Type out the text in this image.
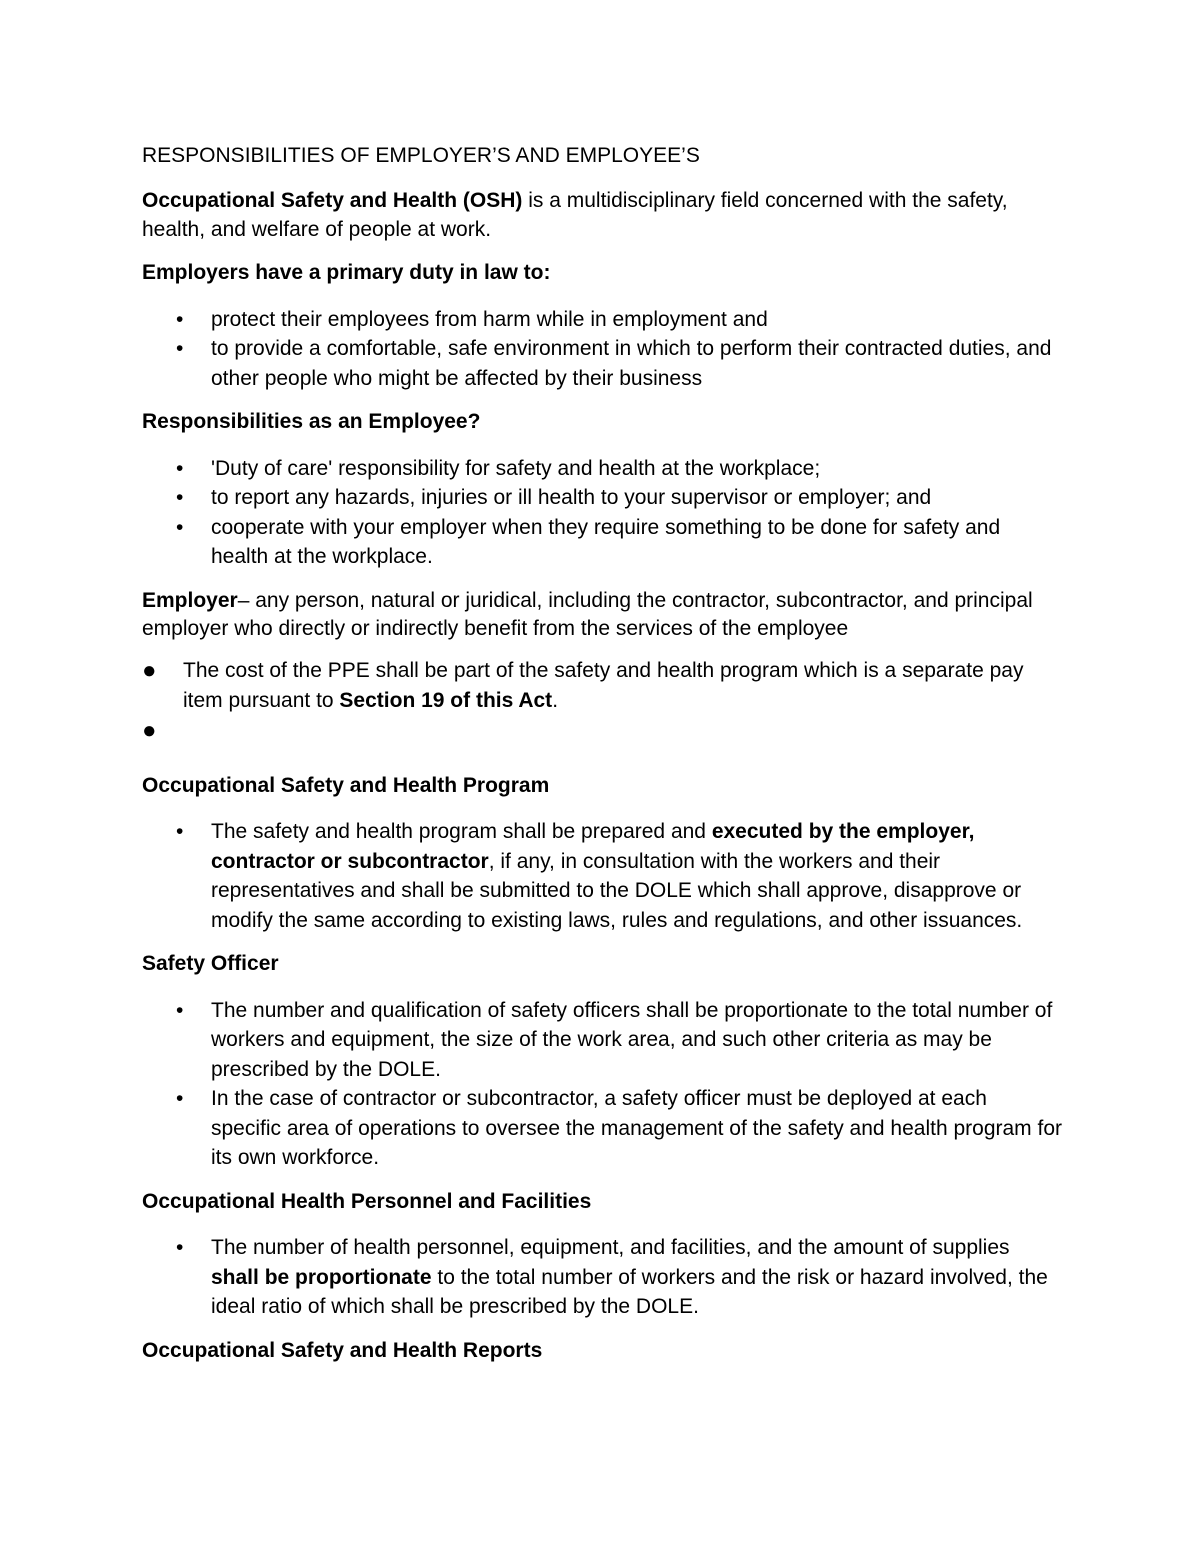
RESPONSIBILITIES OF EMPLOYER’S AND EMPLOYEE’S

Occupational Safety and Health (OSH) is a multidisciplinary field concerned with the safety, health, and welfare of people at work.

Employers have a primary duty in law to:

• protect their employees from harm while in employment and
• to provide a comfortable, safe environment in which to perform their contracted duties, and other people who might be affected by their business

Responsibilities as an Employee?

• 'Duty of care' responsibility for safety and health at the workplace;
• to report any hazards, injuries or ill health to your supervisor or employer; and
• cooperate with your employer when they require something to be done for safety and health at the workplace.

Employer– any person, natural or juridical, including the contractor, subcontractor, and principal employer who directly or indirectly benefit from the services of the employee

● The cost of the PPE shall be part of the safety and health program which is a separate pay item pursuant to Section 19 of this Act.
●

Occupational Safety and Health Program

• The safety and health program shall be prepared and executed by the employer, contractor or subcontractor, if any, in consultation with the workers and their representatives and shall be submitted to the DOLE which shall approve, disapprove or modify the same according to existing laws, rules and regulations, and other issuances.

Safety Officer

• The number and qualification of safety officers shall be proportionate to the total number of workers and equipment, the size of the work area, and such other criteria as may be prescribed by the DOLE.
• In the case of contractor or subcontractor, a safety officer must be deployed at each specific area of operations to oversee the management of the safety and health program for its own workforce.

Occupational Health Personnel and Facilities

• The number of health personnel, equipment, and facilities, and the amount of supplies shall be proportionate to the total number of workers and the risk or hazard involved, the ideal ratio of which shall be prescribed by the DOLE.

Occupational Safety and Health Reports
